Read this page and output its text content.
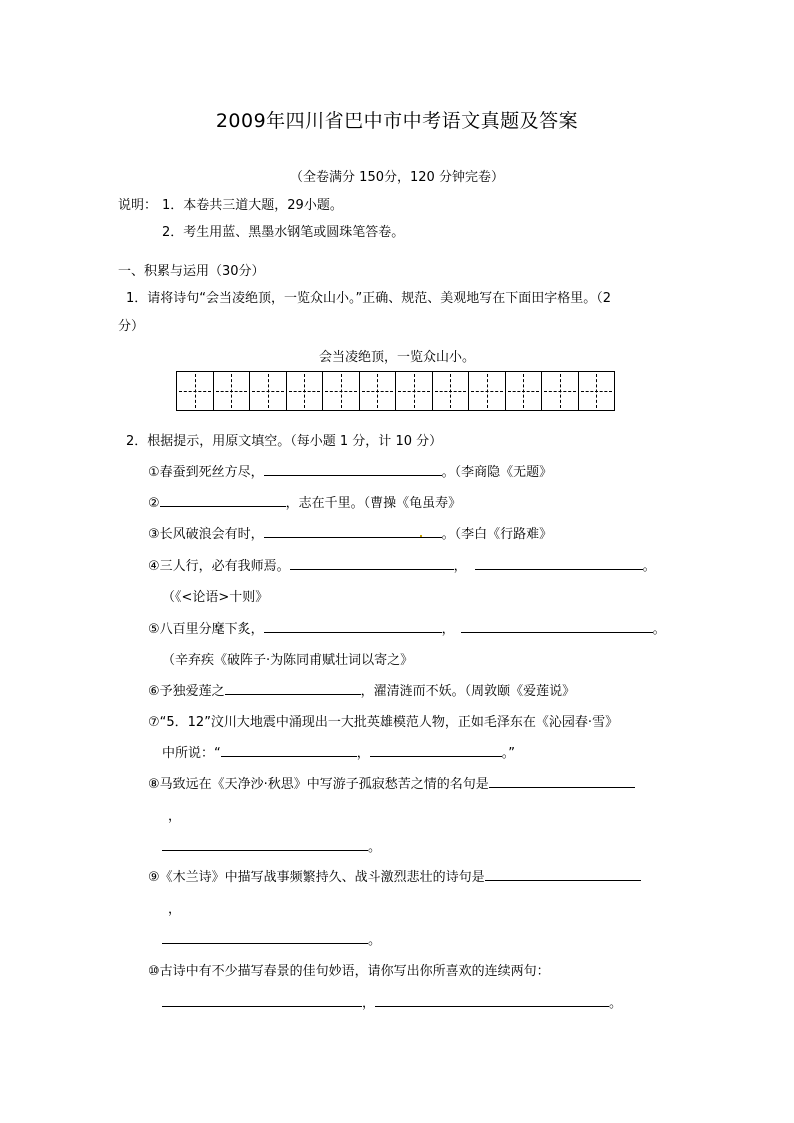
2009年四川省巴中市中考语文真题及答案
（全卷满分 150分，120 分钟完卷）
说明： 1．本卷共三道大题，29小题。
2．考生用蓝、黑墨水钢笔或圆珠笔答卷。
一、积累与运用（30分）
1．请将诗句“会当凌绝顶，一览众山小。”正确、规范、美观地写在下面田字格里。（2
分）
会当凌绝顶，一览众山小。
2．根据提示，用原文填空。（每小题 1 分，计 10 分）
①春蚕到死丝方尽，	。（李商隐《无题》
②	，志在千里。（曹操《龟虽寿》
③长风破浪会有时，	。（李白《行路难》
④三人行，必有我师焉。	，	。
（《<论语>十则》
⑤八百里分麾下炙，	，	。
（辛弃疾《破阵子·为陈同甫赋壮词以寄之》
⑥予独爱莲之	，濯清涟而不妖。（周敦颐《爱莲说》
⑦“5．12”汶川大地震中涌现出一大批英雄模范人物，正如毛泽东在《沁园春·雪》
中所说：“	，	。”
⑧马致远在《天净沙·秋思》中写游子孤寂愁苦之情的名句是
，
。
⑨《木兰诗》中描写战事频繁持久、战斗激烈悲壮的诗句是
，
。
⑩古诗中有不少描写春景的佳句妙语，请你写出你所喜欢的连续两句：
，	。
